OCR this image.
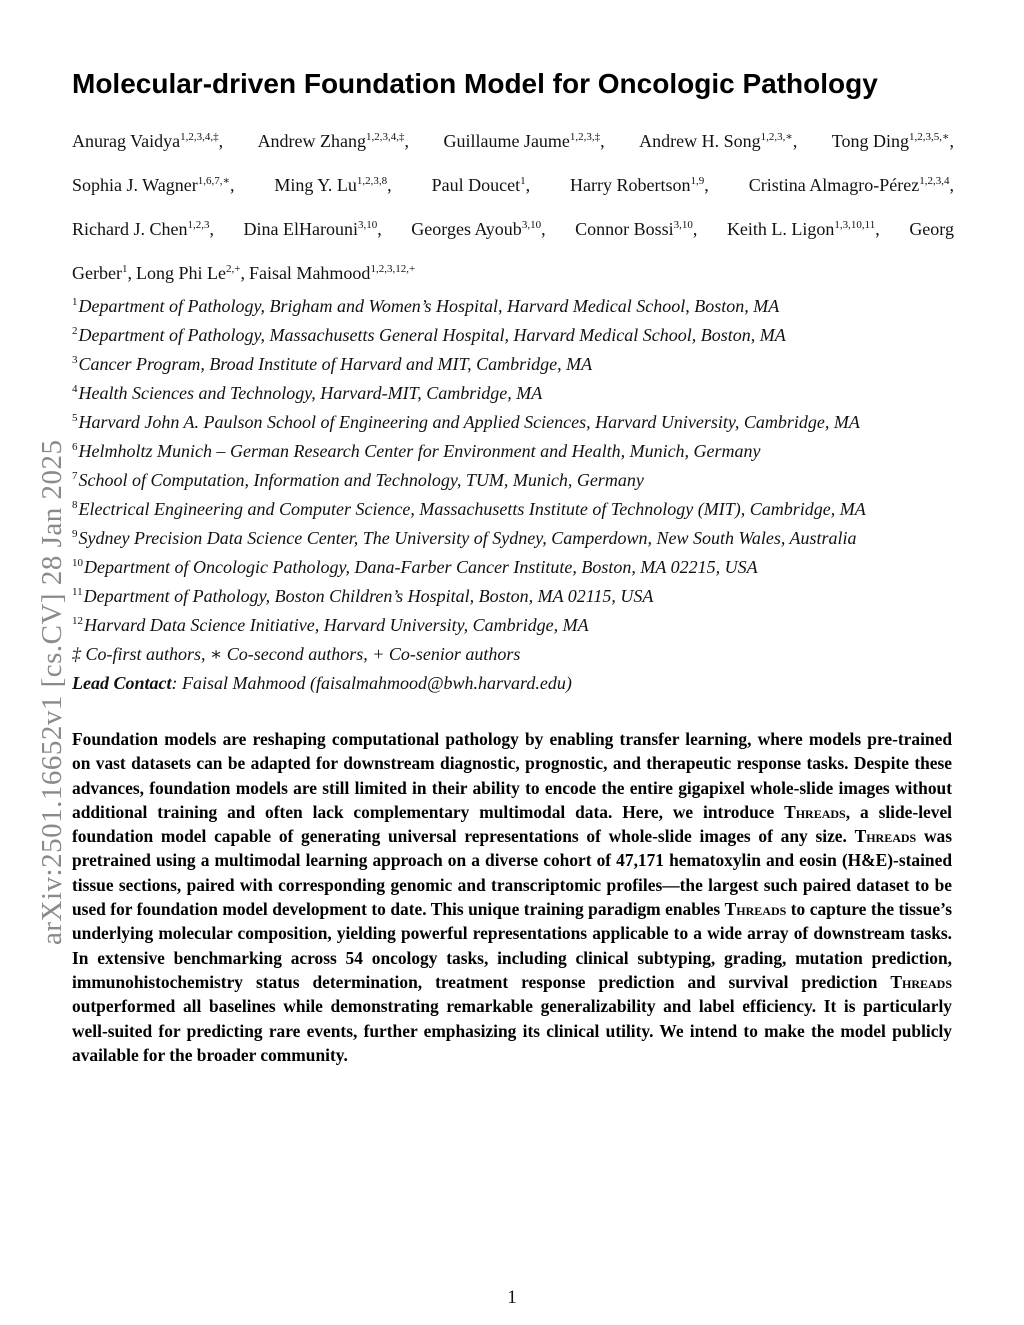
arXiv:2501.16652v1 [cs.CV] 28 Jan 2025
Molecular-driven Foundation Model for Oncologic Pathology
Anurag Vaidya$^{1,2,3,4,\ddagger}$, Andrew Zhang$^{1,2,3,4,\ddagger}$, Guillaume Jaume$^{1,2,3,\ddagger}$, Andrew H. Song$^{1,2,3,∗}$, Tong Ding$^{1,2,3,5,∗}$,
Sophia J. Wagner$^{1,6,7,∗}$, Ming Y. Lu$^{1,2,3,8}$, Paul Doucet$^1$, Harry Robertson$^{1,9}$, Cristina Almagro-Pérez$^{1,2,3,4}$,
Richard J. Chen$^{1,2,3}$, Dina ElHarouni$^{3,10}$, Georges Ayoub$^{3,10}$, Connor Bossi$^{3,10}$, Keith L. Ligon$^{1,3,10,11}$, Georg
Gerber$^1$, Long Phi $Le^{2,+}$, Faisal Mahmood$^{1,2,3,12,+}$
$^1$Department of Pathology, Brigham and Women’s Hospital, Harvard Medical School, Boston, MA
$^2$Department of Pathology, Massachusetts General Hospital, Harvard Medical School, Boston, MA
$^3$Cancer Program, Broad Institute of Harvard and MIT, Cambridge, MA
$^4$Health Sciences and Technology, Harvard-MIT, Cambridge, MA
$^5$Harvard John A. Paulson School of Engineering and Applied Sciences, Harvard University, Cambridge, MA
$^6$Helmholtz Munich – German Research Center for Environment and Health, Munich, Germany
$^7$School of Computation, Information and Technology, TUM, Munich, Germany
$^8$Electrical Engineering and Computer Science, Massachusetts Institute of Technology (MIT), Cambridge, MA
$^9$Sydney Precision Data Science Center, The University of Sydney, Camperdown, New South Wales, Australia
$^{10}$Department of Oncologic Pathology, Dana-Farber Cancer Institute, Boston, MA 02215, USA
$^{11}$Department of Pathology, Boston Children’s Hospital, Boston, MA 02115, USA
$^{12}$Harvard Data Science Initiative, Harvard University, Cambridge, MA
‡ Co-first authors, ∗ Co-second authors, + Co-senior authors
Lead Contact: Faisal Mahmood (faisalmahmood@bwh.harvard.edu)
Foundation models are reshaping computational pathology by enabling transfer learning, where models pre-trained on vast datasets can be adapted for downstream diagnostic, prognostic, and therapeutic response tasks. Despite these advances, foundation models are still limited in their ability to encode the entire gigapixel whole-slide images without additional training and often lack complementary multimodal data. Here, we introduce Threads, a slide-level foundation model capable of generating universal representations of whole-slide images of any size. Threads was pretrained using a multimodal learning approach on a diverse cohort of 47,171 hematoxylin and eosin (H&E)-stained tissue sections, paired with corresponding genomic and transcriptomic profiles—the largest such paired dataset to be used for foundation model development to date. This unique training paradigm enables Threads to capture the tissue’s underlying molecular composition, yielding powerful representations applicable to a wide array of downstream tasks. In extensive benchmarking across 54 oncology tasks, including clinical subtyping, grading, mutation prediction, immunohistochemistry status determination, treatment response prediction and survival prediction Threads outperformed all baselines while demonstrating remarkable generalizability and label efficiency. It is particularly well-suited for predicting rare events, further emphasizing its clinical utility. We intend to make the model publicly available for the broader community.
1
